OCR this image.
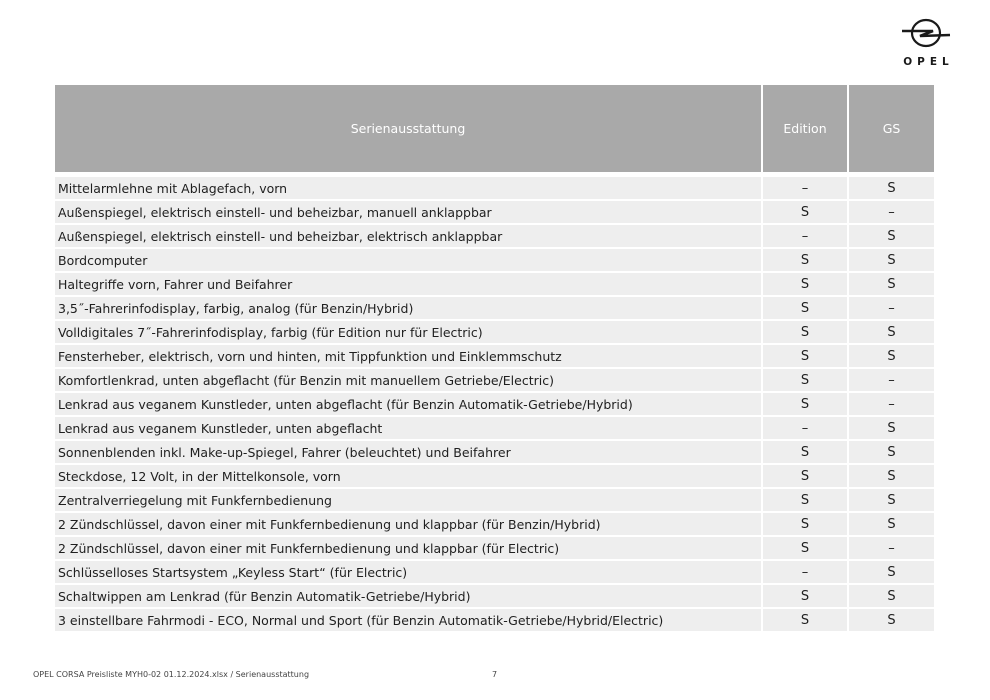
OPEL
Serienausstattung	Edition	GS
Mittelarmlehne mit Ablagefach, vorn	–	S
Außenspiegel, elektrisch einstell- und beheizbar, manuell anklappbar	S	–
Außenspiegel, elektrisch einstell- und beheizbar, elektrisch anklappbar	–	S
Bordcomputer	S	S
Haltegriffe vorn, Fahrer und Beifahrer	S	S
3,5˝-Fahrerinfodisplay, farbig, analog (für Benzin/Hybrid)	S	–
Volldigitales 7˝-Fahrerinfodisplay, farbig (für Edition nur für Electric)	S	S
Fensterheber, elektrisch, vorn und hinten, mit Tippfunktion und Einklemmschutz	S	S
Komfortlenkrad, unten abgeflacht (für Benzin mit manuellem Getriebe/Electric)	S	–
Lenkrad aus veganem Kunstleder, unten abgeflacht (für Benzin Automatik-Getriebe/Hybrid)	S	–
Lenkrad aus veganem Kunstleder, unten abgeflacht	–	S
Sonnenblenden inkl. Make-up-Spiegel, Fahrer (beleuchtet) und Beifahrer	S	S
Steckdose, 12 Volt, in der Mittelkonsole, vorn	S	S
Zentralverriegelung mit Funkfernbedienung	S	S
2 Zündschlüssel, davon einer mit Funkfernbedienung und klappbar (für Benzin/Hybrid)	S	S
2 Zündschlüssel, davon einer mit Funkfernbedienung und klappbar (für Electric)	S	–
Schlüsselloses Startsystem „Keyless Start“ (für Electric)	–	S
Schaltwippen am Lenkrad (für Benzin Automatik-Getriebe/Hybrid)	S	S
3 einstellbare Fahrmodi - ECO, Normal und Sport (für Benzin Automatik-Getriebe/Hybrid/Electric)	S	S
OPEL CORSA Preisliste MYH0-02 01.12.2024.xlsx / Serienausstattung	7
